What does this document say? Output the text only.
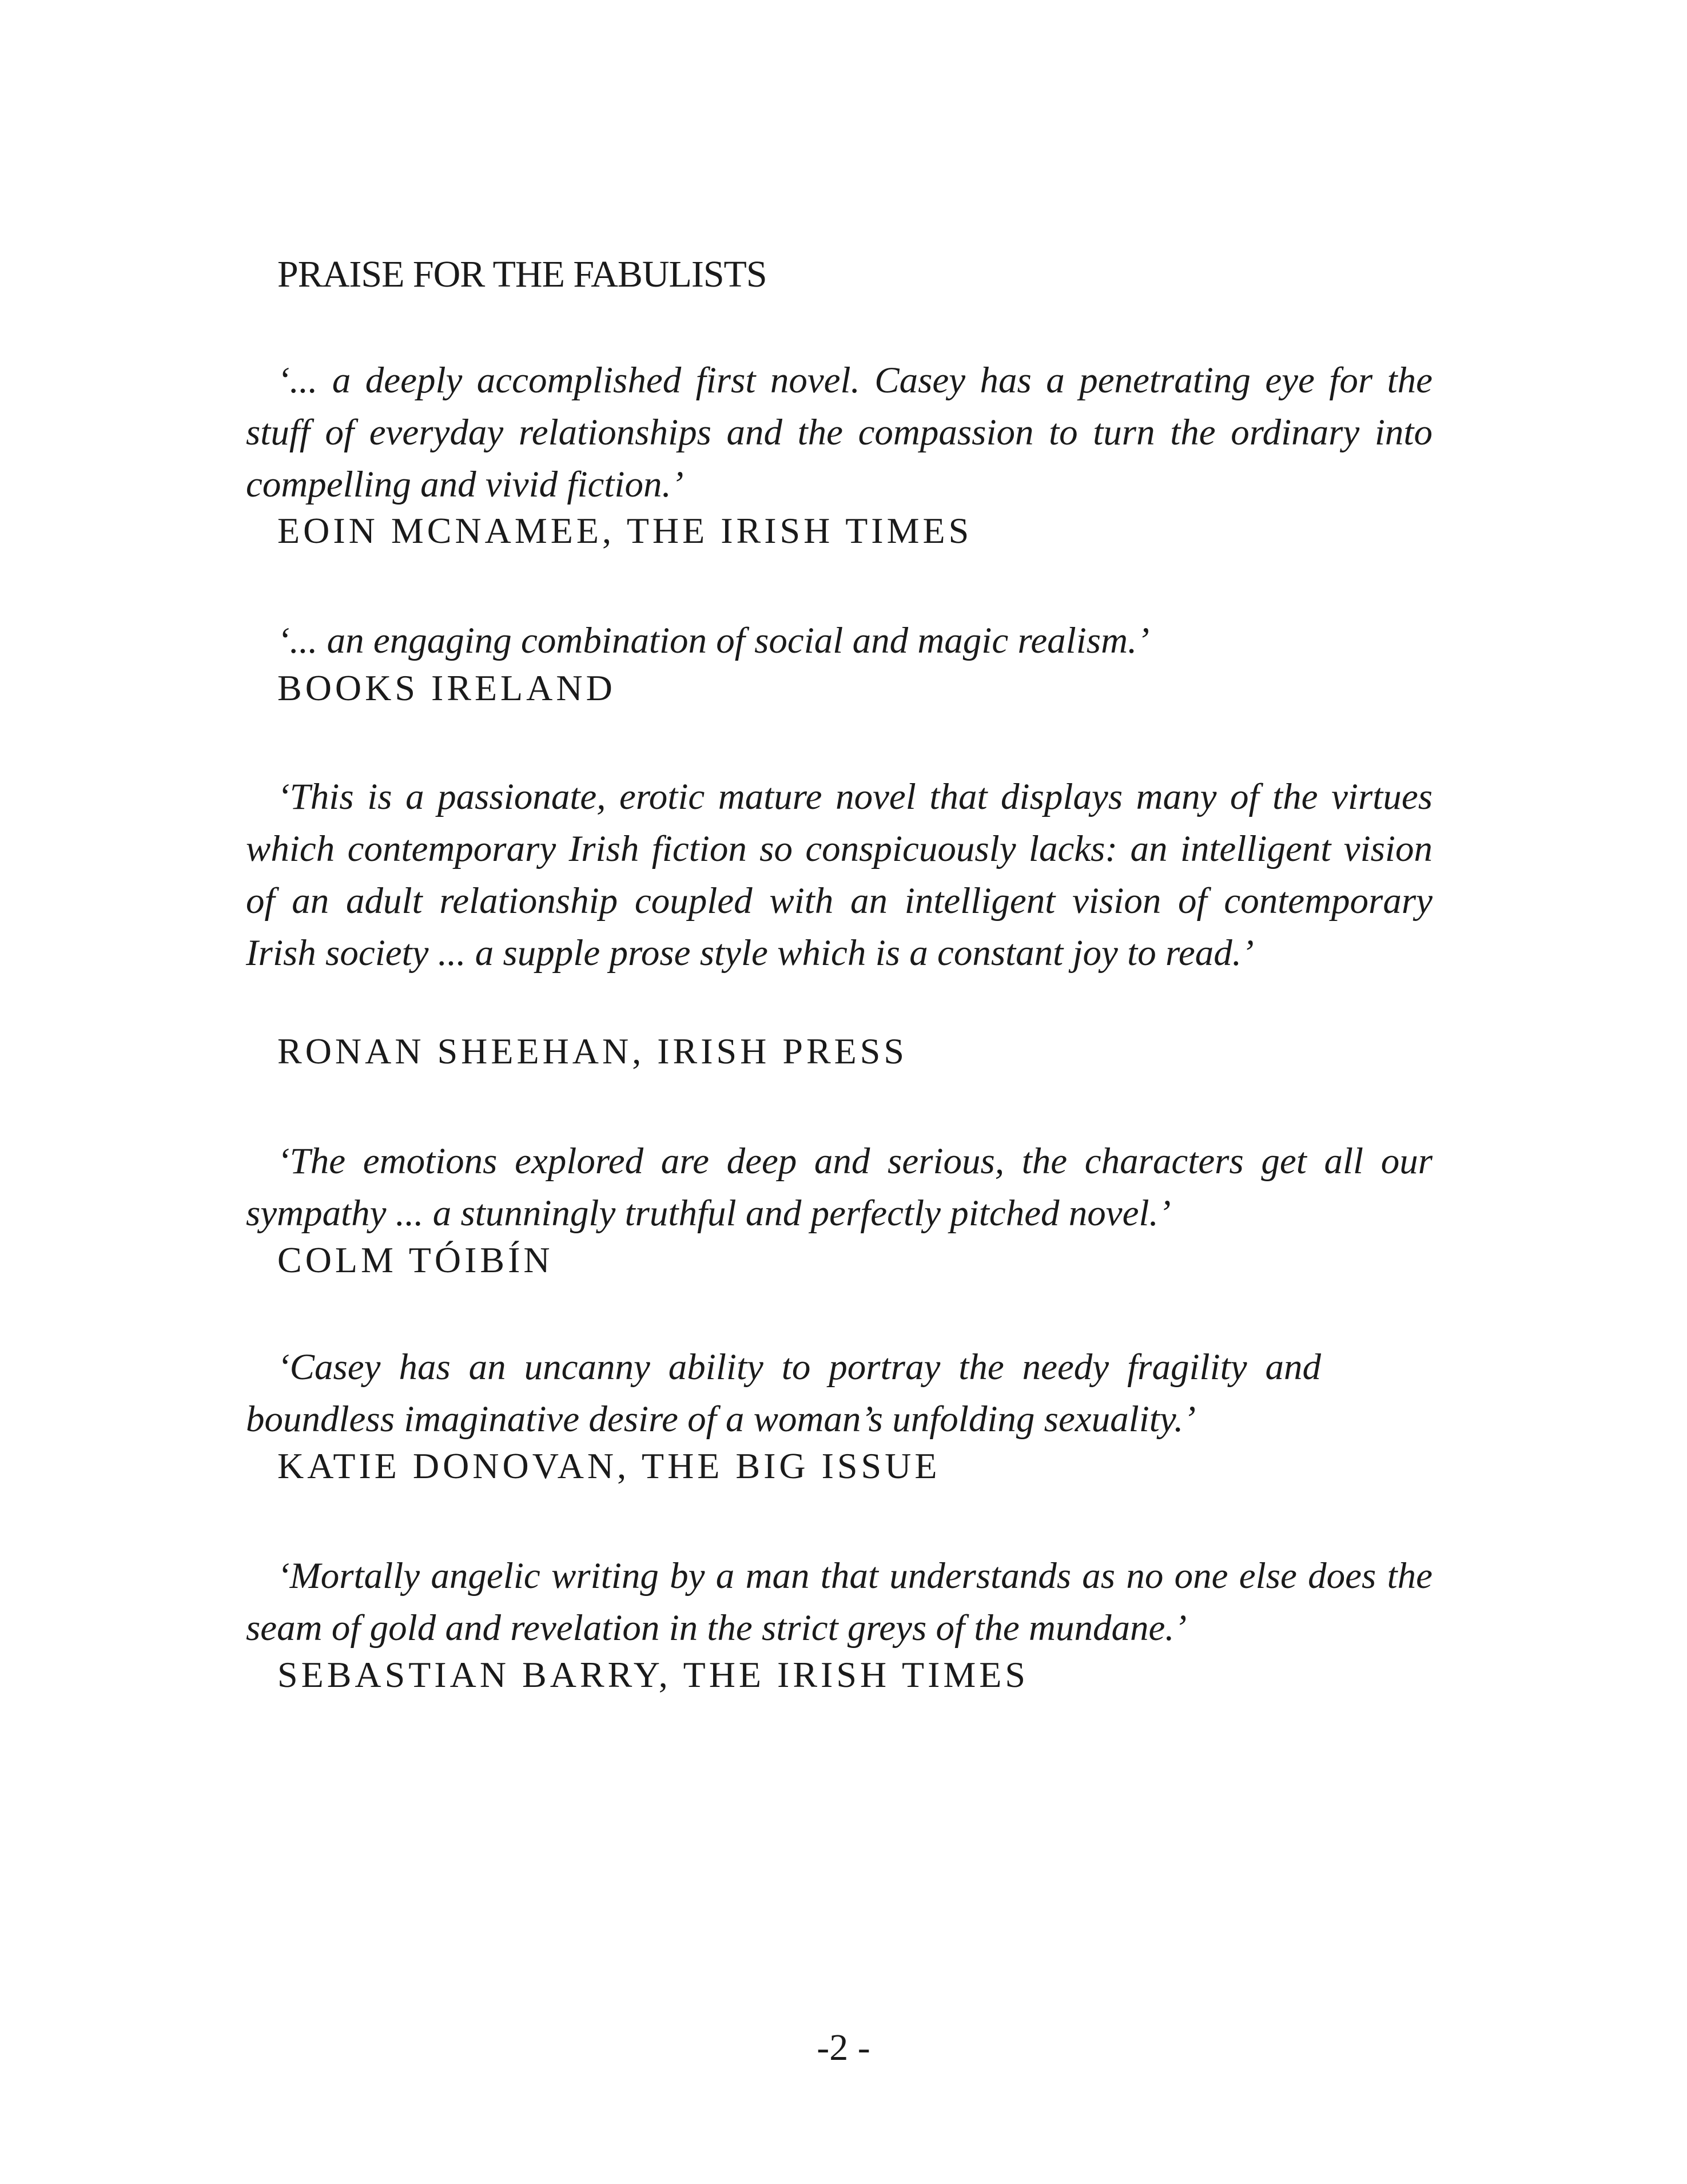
PRAISE FOR THE FABULISTS

‘... a deeply accomplished first novel. Casey has a penetrating eye for the stuff of everyday relationships and the compassion to turn the ordinary into compelling and vivid fiction.’

EOIN MCNAMEE, THE IRISH TIMES

‘... an engaging combination of social and magic realism.’

BOOKS IRELAND

‘This is a passionate, erotic mature novel that displays many of the virtues which contemporary Irish fiction so conspicuously lacks: an intelligent vision of an adult relationship coupled with an intelligent vision of contemporary Irish society ... a supple prose style which is a constant joy to read.’

RONAN SHEEHAN, IRISH PRESS

‘The emotions explored are deep and serious, the characters get all our sympathy ... a stunningly truthful and perfectly pitched novel.’

COLM TÓIBÍN

‘Casey has an uncanny ability to portray the needy fragility and boundless imaginative desire of a woman’s unfolding sexuality.’

KATIE DONOVAN, THE BIG ISSUE

‘Mortally angelic writing by a man that understands as no one else does the seam of gold and revelation in the strict greys of the mundane.’

SEBASTIAN BARRY, THE IRISH TIMES
-2 -
